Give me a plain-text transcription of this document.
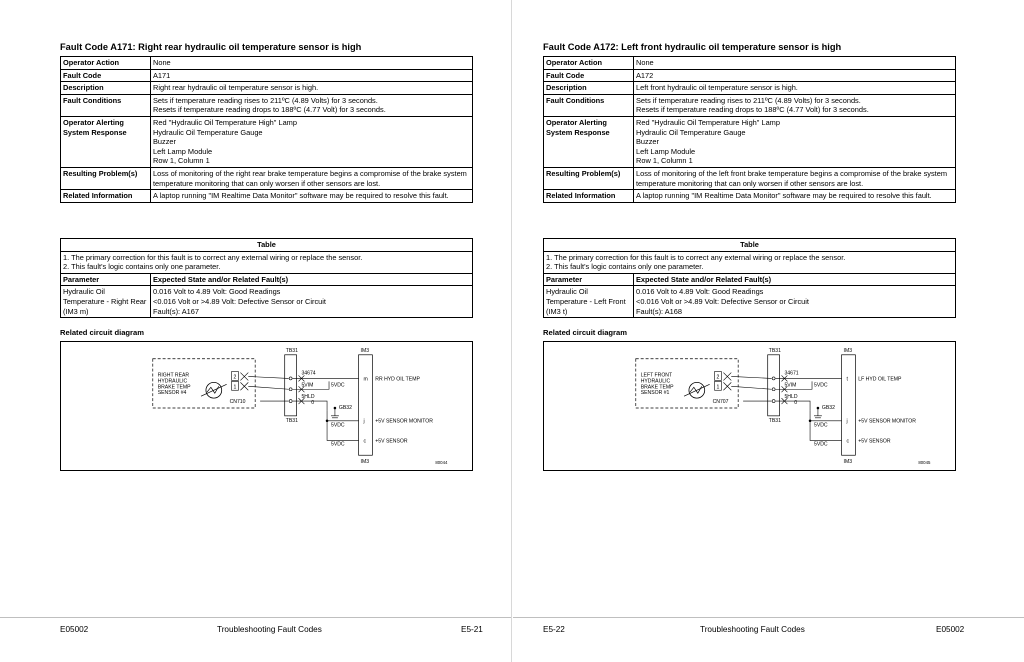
Fault Code A171: Right rear hydraulic oil temperature sensor is high
Operator Action	None

Fault Code	A171

Description	Right rear hydraulic oil temperature sensor is high.

Fault Conditions	Sets if temperature reading rises to 211ºC (4.89 Volts) for 3 seconds.
Resets if temperature reading drops to 188ºC (4.77 Volt) for 3 seconds.

Operator Alerting System Response	Red "Hydraulic Oil Temperature High" Lamp
Hydraulic Oil Temperature Gauge
Buzzer
Left Lamp Module
Row 1, Column 1

Resulting Problem(s)	Loss of monitoring of the right rear brake temperature begins a compromise of the brake system temperature monitoring that can only worsen if other sensors are lost.

Related Information	A laptop running "IM Realtime Data Monitor" software may be required to resolve this fault.
Table	

1. The primary correction for this fault is to correct any external wiring or replace the sensor.
2. This fault's logic contains only one parameter.	

Parameter	Expected State and/or Related Fault(s)
Hydraulic Oil Temperature - Right Rear (IM3 m)	0.016 Volt to 4.89 Volt: Good Readings
<0.016 Volt or >4.89 Volt: Defective Sensor or Circuit
Fault(s): A167
Related circuit diagram
RIGHT REAR
HYDRAULIC
BRAKE TEMP
SENSOR #4
2
1
CN710
TB31
TB31
34674
5VIM
5HLD
0
5VDC
GB32
5VDC
5VDC
IM3
IM3
m
j
c
RR HYD OIL TEMP
+5V SENSOR MONITOR
+5V SENSOR
80044
Fault Code A172: Left front hydraulic oil temperature sensor is high
Operator Action	None

Fault Code	A172

Description	Left front hydraulic oil temperature sensor is high.

Fault Conditions	Sets if temperature reading rises to 211ºC (4.89 Volts) for 3 seconds.
Resets if temperature reading drops to 188ºC (4.77 Volt) for 3 seconds.

Operator Alerting System Response	Red "Hydraulic Oil Temperature High" Lamp
Hydraulic Oil Temperature Gauge
Buzzer
Left Lamp Module
Row 1, Column 1

Resulting Problem(s)	Loss of monitoring of the left front brake temperature begins a compromise of the brake system temperature monitoring that can only worsen if other sensors are lost.

Related Information	A laptop running "IM Realtime Data Monitor" software may be required to resolve this fault.
Table	

1. The primary correction for this fault is to correct any external wiring or replace the sensor.
2. This fault's logic contains only one parameter.	

Parameter	Expected State and/or Related Fault(s)
Hydraulic Oil Temperature - Left Front (IM3 t)	0.016 Volt to 4.89 Volt: Good Readings
<0.016 Volt or >4.89 Volt: Defective Sensor or Circuit
Fault(s): A168
Related circuit diagram
LEFT FRONT
HYDRAULIC
BRAKE TEMP
SENSOR #1
2
1
CN707
TB31
TB31
34671
5VIM
5HLD
0
5VDC
GB32
5VDC
5VDC
IM3
IM3
t
j
c
LF HYD OIL TEMP
+5V SENSOR MONITOR
+5V SENSOR
80045
E05002	Troubleshooting Fault Codes	E5-21	E5-22	Troubleshooting Fault Codes	E05002
